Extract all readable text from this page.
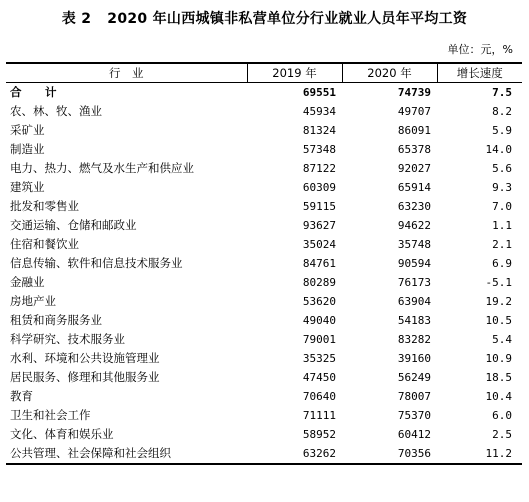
表 2 2020 年山西城镇非私营单位分行业就业人员年平均工资
单位：元，%
行　业	2019 年	2020 年	增长速度
合　计	69551	74739	7.5
农、林、牧、渔业	45934	49707	8.2
采矿业	81324	86091	5.9
制造业	57348	65378	14.0
电力、热力、燃气及水生产和供应业	87122	92027	5.6
建筑业	60309	65914	9.3
批发和零售业	59115	63230	7.0
交通运输、仓储和邮政业	93627	94622	1.1
住宿和餐饮业	35024	35748	2.1
信息传输、软件和信息技术服务业	84761	90594	6.9
金融业	80289	76173	-5.1
房地产业	53620	63904	19.2
租赁和商务服务业	49040	54183	10.5
科学研究、技术服务业	79001	83282	5.4
水利、环境和公共设施管理业	35325	39160	10.9
居民服务、修理和其他服务业	47450	56249	18.5
教育	70640	78007	10.4
卫生和社会工作	71111	75370	6.0
文化、体育和娱乐业	58952	60412	2.5
公共管理、社会保障和社会组织	63262	70356	11.2
